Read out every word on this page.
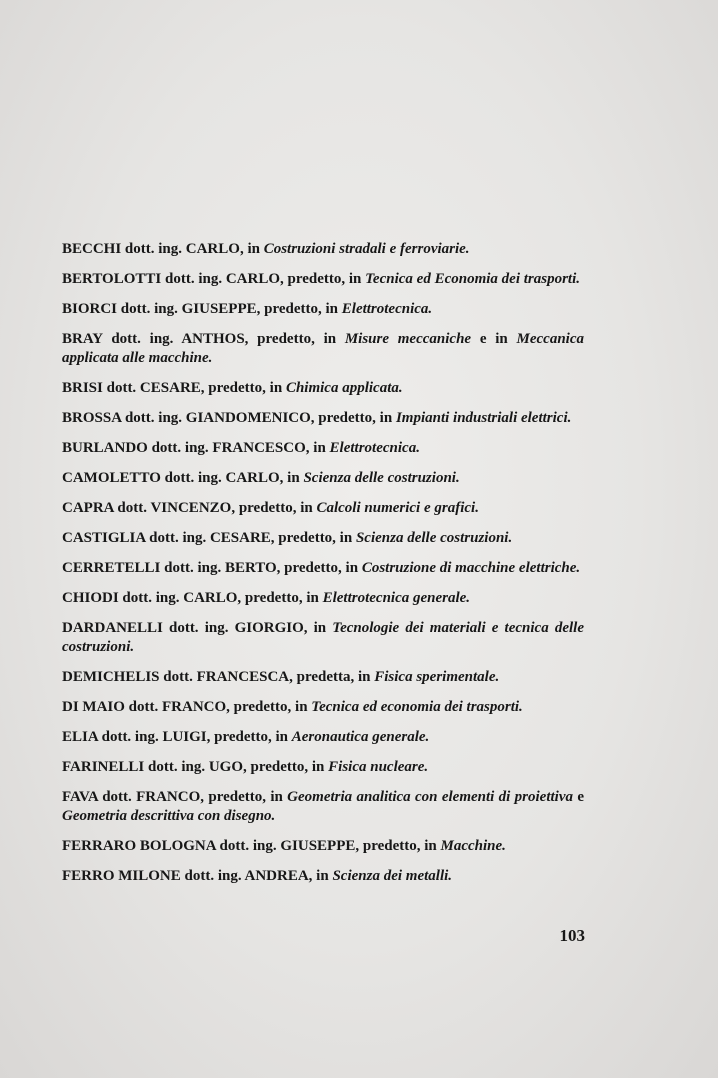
BECCHI dott. ing. CARLO, in Costruzioni stradali e ferroviarie.
BERTOLOTTI dott. ing. CARLO, predetto, in Tecnica ed Economia dei trasporti.
BIORCI dott. ing. GIUSEPPE, predetto, in Elettrotecnica.
BRAY dott. ing. ANTHOS, predetto, in Misure meccaniche e in Meccanica applicata alle macchine.
BRISI dott. CESARE, predetto, in Chimica applicata.
BROSSA dott. ing. GIANDOMENICO, predetto, in Impianti industriali elettrici.
BURLANDO dott. ing. FRANCESCO, in Elettrotecnica.
CAMOLETTO dott. ing. CARLO, in Scienza delle costruzioni.
CAPRA dott. VINCENZO, predetto, in Calcoli numerici e grafici.
CASTIGLIA dott. ing. CESARE, predetto, in Scienza delle costruzioni.
CERRETELLI dott. ing. BERTO, predetto, in Costruzione di macchine elettriche.
CHIODI dott. ing. CARLO, predetto, in Elettrotecnica generale.
DARDANELLI dott. ing. GIORGIO, in Tecnologie dei materiali e tecnica delle costruzioni.
DEMICHELIS dott. FRANCESCA, predetta, in Fisica sperimentale.
DI MAIO dott. FRANCO, predetto, in Tecnica ed economia dei trasporti.
ELIA dott. ing. LUIGI, predetto, in Aeronautica generale.
FARINELLI dott. ing. UGO, predetto, in Fisica nucleare.
FAVA dott. FRANCO, predetto, in Geometria analitica con elementi di proiettiva e Geometria descrittiva con disegno.
FERRARO BOLOGNA dott. ing. GIUSEPPE, predetto, in Macchine.
FERRO MILONE dott. ing. ANDREA, in Scienza dei metalli.
103
